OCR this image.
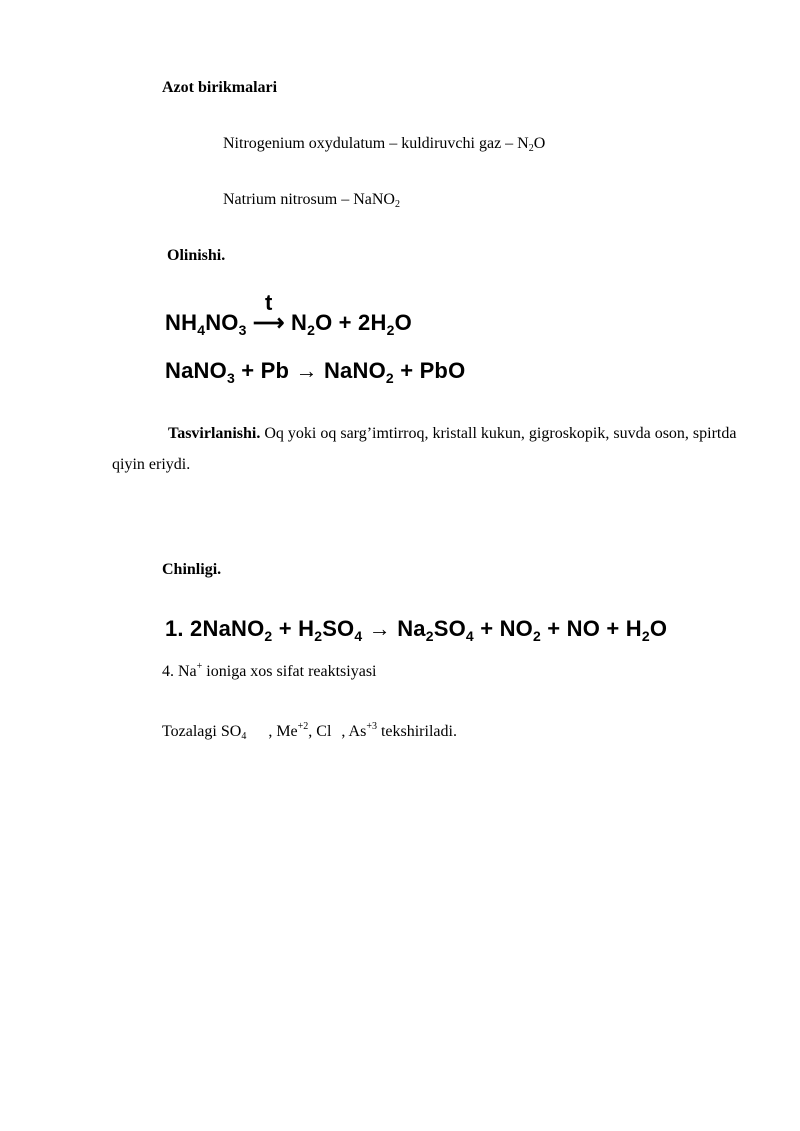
Azot birikmalari
Nitrogenium oxydulatum – kuldiruvchi gaz – $N_2O$
Natrium nitrosum – NaNO$_2$
Olinishi.
$NH_4NO_3$
t
⟶ $N_2O + 2H_2O$
NaNO$_3$ + Pb → NaNO$_2$ + PbO
Tasvirlanishi. Oq yoki oq sarg’imtirroq, kristall kukun, gigroskopik, suvda oson, spirtda qiyin eriydi.
Chinligi.
1. 2NaNO$_2$ + $H_2SO_4 \to Na_2SO_4 + NO_2$ + NO + $H_2O$
4. Na+ ioniga xos sifat reaktsiyasi
Tozalagi $SO_4$ , $Me^{+2}$, Cl , $As^{+3}$ tekshiriladi.
